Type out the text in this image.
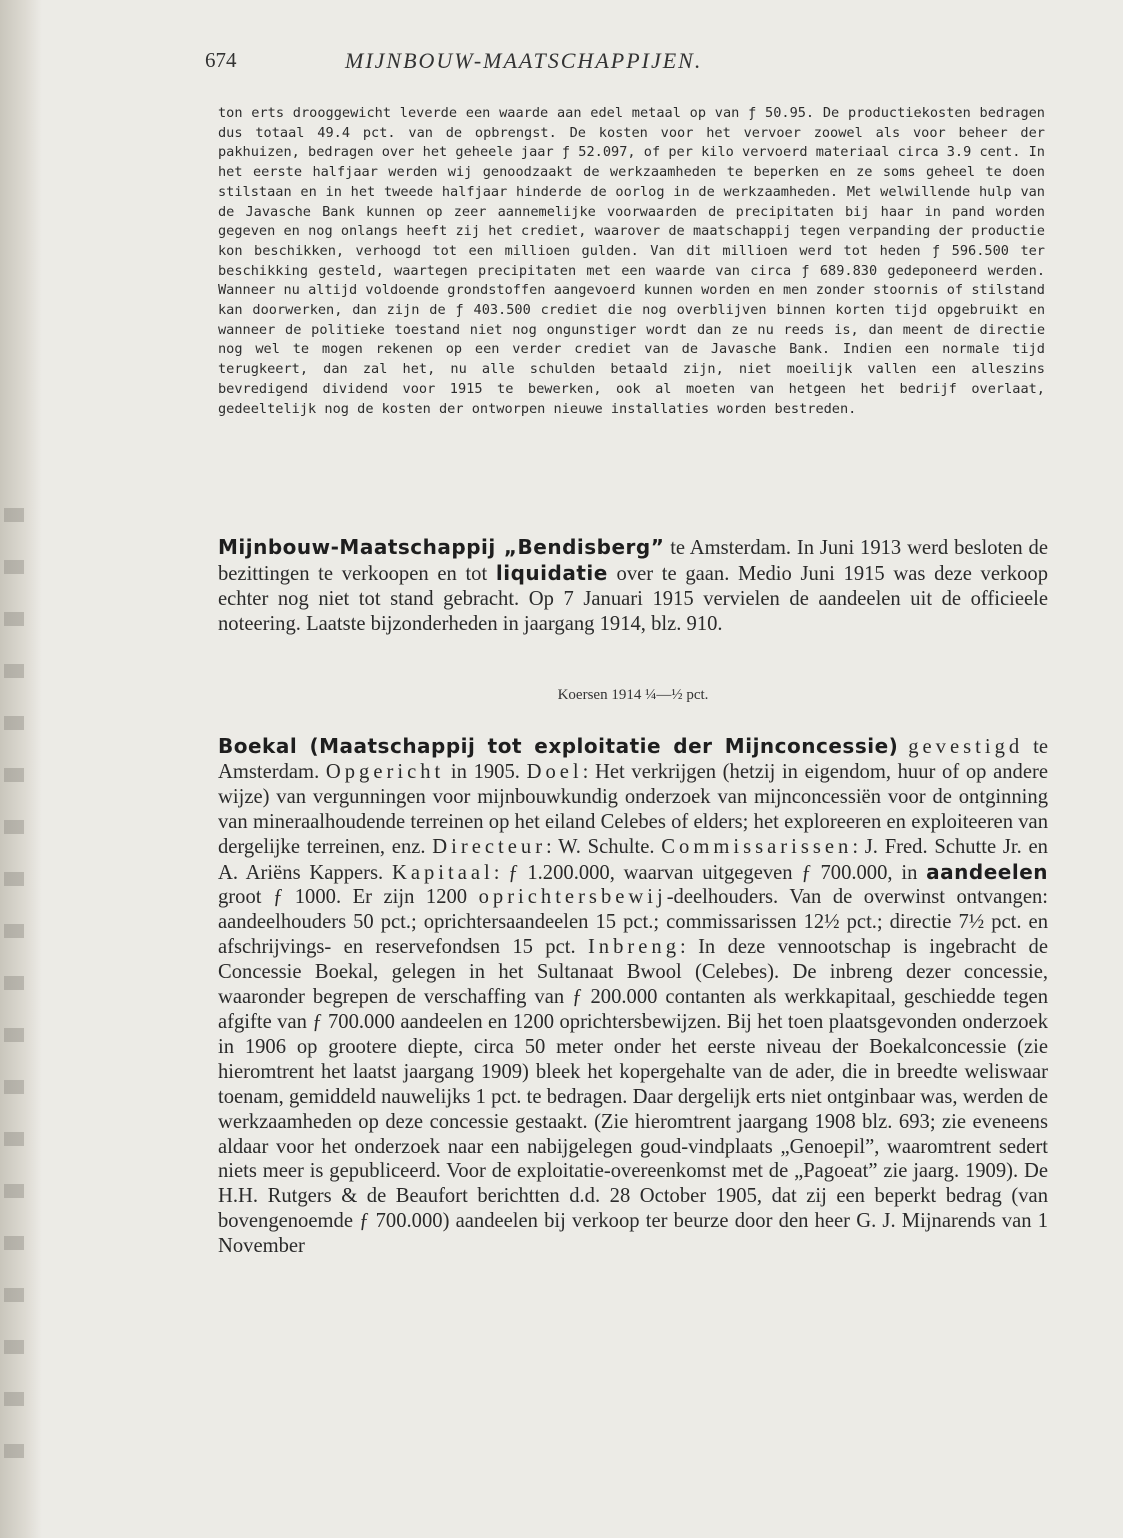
674	MIJNBOUW-MAATSCHAPPIJEN.

ton erts drooggewicht leverde een waarde aan edel metaal op van ƒ 50.95. De productiekosten bedragen dus totaal 49.4 pct. van de opbrengst. De kosten voor het vervoer zoowel als voor beheer der pakhuizen, bedragen over het geheele jaar ƒ 52.097, of per kilo vervoerd materiaal circa 3.9 cent. In het eerste halfjaar werden wij genoodzaakt de werkzaamheden te beperken en ze soms geheel te doen stilstaan en in het tweede halfjaar hinderde de oorlog in de werkzaamheden. Met welwillende hulp van de Javasche Bank kunnen op zeer aannemelijke voorwaarden de precipitaten bij haar in pand worden gegeven en nog onlangs heeft zij het crediet, waarover de maatschappij tegen verpanding der productie kon beschikken, verhoogd tot een millioen gulden. Van dit millioen werd tot heden ƒ 596.500 ter beschikking gesteld, waartegen precipitaten met een waarde van circa ƒ 689.830 gedeponeerd werden. Wanneer nu altijd voldoende grondstoffen aangevoerd kunnen worden en men zonder stoornis of stilstand kan doorwerken, dan zijn de ƒ 403.500 crediet die nog overblijven binnen korten tijd opgebruikt en wanneer de politieke toestand niet nog ongunstiger wordt dan ze nu reeds is, dan meent de directie nog wel te mogen rekenen op een verder crediet van de Javasche Bank. Indien een normale tijd terugkeert, dan zal het, nu alle schulden betaald zijn, niet moeilijk vallen een alleszins bevredigend dividend voor 1915 te bewerken, ook al moeten van hetgeen het bedrijf overlaat, gedeeltelijk nog de kosten der ontworpen nieuwe installaties worden bestreden.

Mijnbouw-Maatschappij „Bendisberg” te Amsterdam. In Juni 1913 werd besloten de bezittingen te verkoopen en tot liquidatie over te gaan. Medio Juni 1915 was deze verkoop echter nog niet tot stand gebracht. Op 7 Januari 1915 vervielen de aandeelen uit de officieele noteering. Laatste bijzonderheden in jaargang 1914, blz. 910.

Koersen 1914 ¼—½ pct.

Boekal (Maatschappij tot exploitatie der Mijnconcessie) gevestigd te Amsterdam. Opgericht in 1905. Doel: Het verkrijgen (hetzij in eigendom, huur of op andere wijze) van vergunningen voor mijnbouwkundig onderzoek van mijnconcessiën voor de ontginning van mineraalhoudende terreinen op het eiland Celebes of elders; het exploreeren en exploiteeren van dergelijke terreinen, enz. Directeur: W. Schulte. Commissarissen: J. Fred. Schutte Jr. en A. Ariëns Kappers. Kapitaal: ƒ 1.200.000, waarvan uitgegeven ƒ 700.000, in aandeelen groot ƒ 1000. Er zijn 1200 oprichtersbewij-deelhouders. Van de overwinst ontvangen: aandeelhouders 50 pct.; oprichtersaandeelen 15 pct.; commissarissen 12½ pct.; directie 7½ pct. en afschrijvings- en reservefondsen 15 pct. Inbreng: In deze vennootschap is ingebracht de Concessie Boekal, gelegen in het Sultanaat Bwool (Celebes). De inbreng dezer concessie, waaronder begrepen de verschaffing van ƒ 200.000 contanten als werkkapitaal, geschiedde tegen afgifte van ƒ 700.000 aandeelen en 1200 oprichtersbewijzen. Bij het toen plaatsgevonden onderzoek in 1906 op grootere diepte, circa 50 meter onder het eerste niveau der Boekalconcessie (zie hieromtrent het laatst jaargang 1909) bleek het kopergehalte van de ader, die in breedte weliswaar toenam, gemiddeld nauwelijks 1 pct. te bedragen. Daar dergelijk erts niet ontginbaar was, werden de werkzaamheden op deze concessie gestaakt. (Zie hieromtrent jaargang 1908 blz. 693; zie eveneens aldaar voor het onderzoek naar een nabijgelegen goud-vindplaats „Genoepil”, waaromtrent sedert niets meer is gepubliceerd. Voor de exploitatie-overeenkomst met de „Pagoeat” zie jaarg. 1909). De H.H. Rutgers & de Beaufort berichtten d.d. 28 October 1905, dat zij een beperkt bedrag (van bovengenoemde ƒ 700.000) aandeelen bij verkoop ter beurze door den heer G. J. Mijnarends van 1 November
